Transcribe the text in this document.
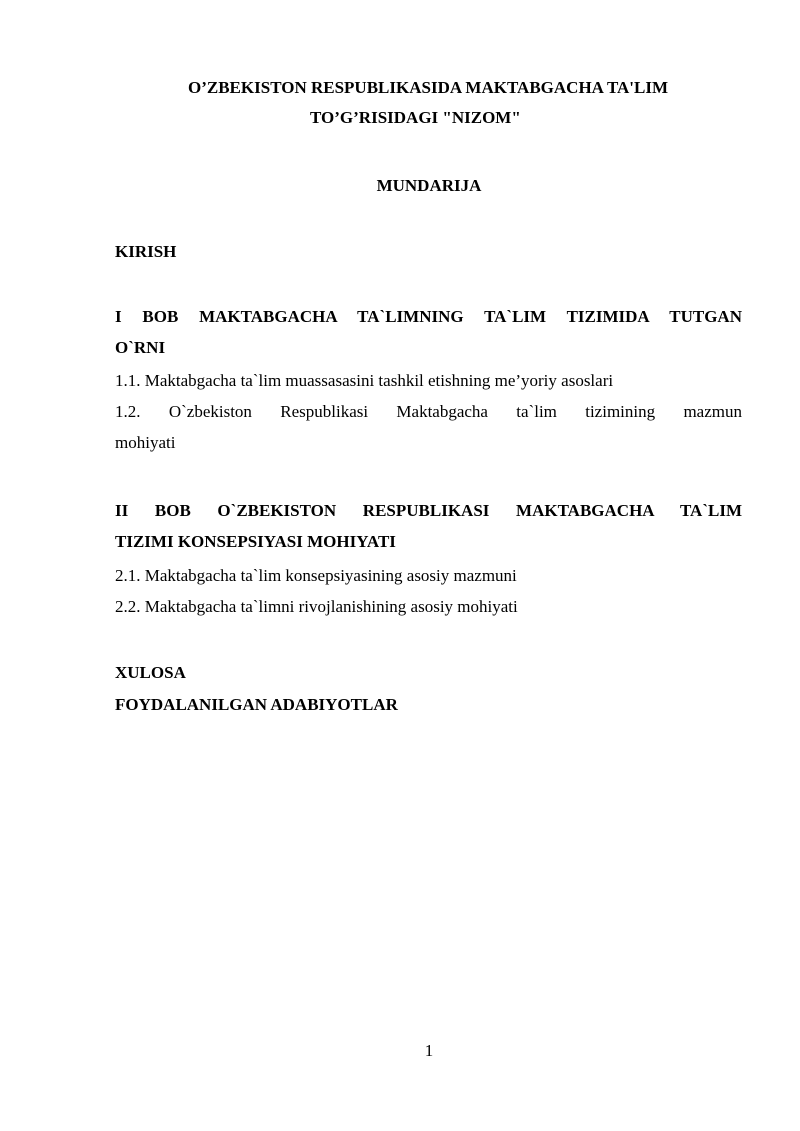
O’ZBEKISTON RESPUBLIKASIDA MAKTABGACHA TA'LIM
TO’G’RISIDAGI "NIZOM"
MUNDARIJA
KIRISH
I BOB MAKTABGACHA TA`LIMNING TA`LIM TIZIMIDA TUTGAN
O`RNI
1.1. Maktabgacha ta`lim muassasasini tashkil etishning me’yoriy asoslari
1.2. O`zbekiston Respublikasi Maktabgacha ta`lim tizimining mazmun
mohiyati
II BOB O`ZBEKISTON RESPUBLIKASI MAKTABGACHA TA`LIM
TIZIMI KONSEPSIYASI MOHIYATI
2.1. Maktabgacha ta`lim konsepsiyasining asosiy mazmuni
2.2. Maktabgacha ta`limni rivojlanishining asosiy mohiyati
XULOSA
FOYDALANILGAN ADABIYOTLAR
1
